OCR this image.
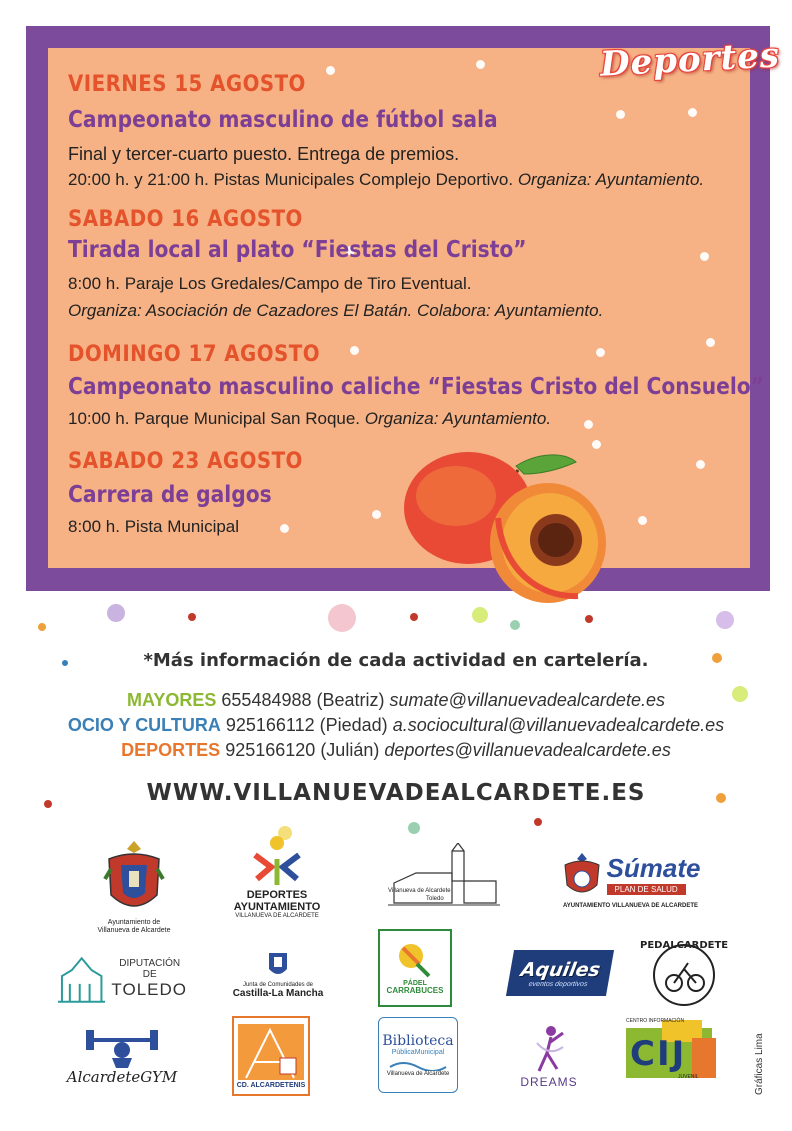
Deportes
VIERNES 15 AGOSTO
Campeonato masculino de fútbol sala
Final y tercer-cuarto puesto. Entrega de premios.
20:00 h. y 21:00 h. Pistas Municipales Complejo Deportivo. Organiza: Ayuntamiento.
SABADO 16 AGOSTO
Tirada local al plato “Fiestas del Cristo”
8:00 h. Paraje Los Gredales/Campo de Tiro Eventual.
Organiza: Asociación de Cazadores El Batán. Colabora: Ayuntamiento.
DOMINGO 17 AGOSTO
Campeonato masculino caliche “Fiestas Cristo del Consuelo”
10:00 h. Parque Municipal San Roque. Organiza: Ayuntamiento.
SABADO 23 AGOSTO
Carrera de galgos
8:00 h. Pista Municipal
*Más información de cada actividad en cartelería.
MAYORES 655484988 (Beatriz) sumate@villanuevadealcardete.es
OCIO Y CULTURA 925166112 (Piedad) a.sociocultural@villanuevadealcardete.es
DEPORTES 925166120 (Julián) deportes@villanuevadealcardete.es
WWW.VILLANUEVADEALCARDETE.ES
Ayuntamiento de
Villanueva de Alcardete
DEPORTES
AYUNTAMIENTO
VILLANUEVA DE ALCARDETE
Villanueva de Alcardete
Toledo
Súmate
PLAN DE SALUD
AYUNTAMIENTO VILLANUEVA DE ALCARDETE
DIPUTACIÓN DE
TOLEDO	Junta de Comunidades de
Castilla-La Mancha
PÁDEL
CARRABUCES
Aquiles
eventos deportivos
PEDALCARDETE
AlcardeteGYM	CD. ALCARDETENIS
Biblioteca
PúblicaMunicipal
Villanueva de Alcardete
DREAMS
CIJ
CENTRO INFORMACIÓN
JUVENIL	Gráficas Lima
